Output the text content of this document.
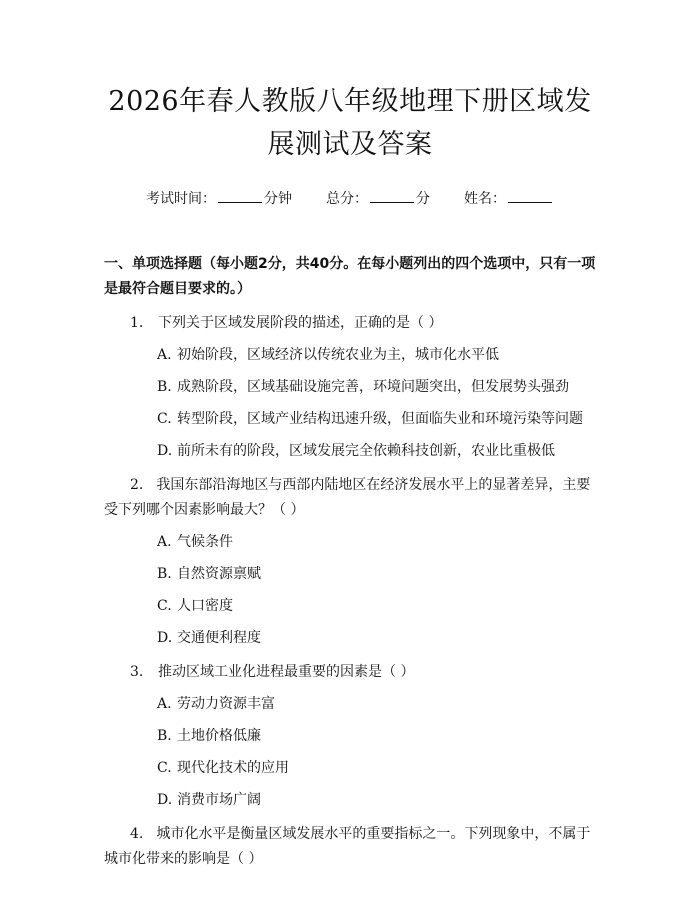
2026年春人教版八年级地理下册区域发展测试及答案
考试时间：	分钟 总分：	分 姓名：
一、单项选择题（每小题2分，共40分。在每小题列出的四个选项中，只有一项是最符合题目要求的。）
1.	下列关于区域发展阶段的描述，正确的是（ ）
A. 初始阶段，区域经济以传统农业为主，城市化水平低
B. 成熟阶段，区域基础设施完善，环境问题突出，但发展势头强劲
C. 转型阶段，区域产业结构迅速升级，但面临失业和环境污染等问题
D. 前所未有的阶段，区域发展完全依赖科技创新，农业比重极低
2. 我国东部沿海地区与西部内陆地区在经济发展水平上的显著差异，主要受下列哪个因素影响最大？（ ）
A. 气候条件
B. 自然资源禀赋
C. 人口密度
D. 交通便利程度
3.	推动区域工业化进程最重要的因素是（ ）
A. 劳动力资源丰富
B. 土地价格低廉
C. 现代化技术的应用
D. 消费市场广阔
4. 城市化水平是衡量区域发展水平的重要指标之一。下列现象中，不属于城市化带来的影响是（ ）
